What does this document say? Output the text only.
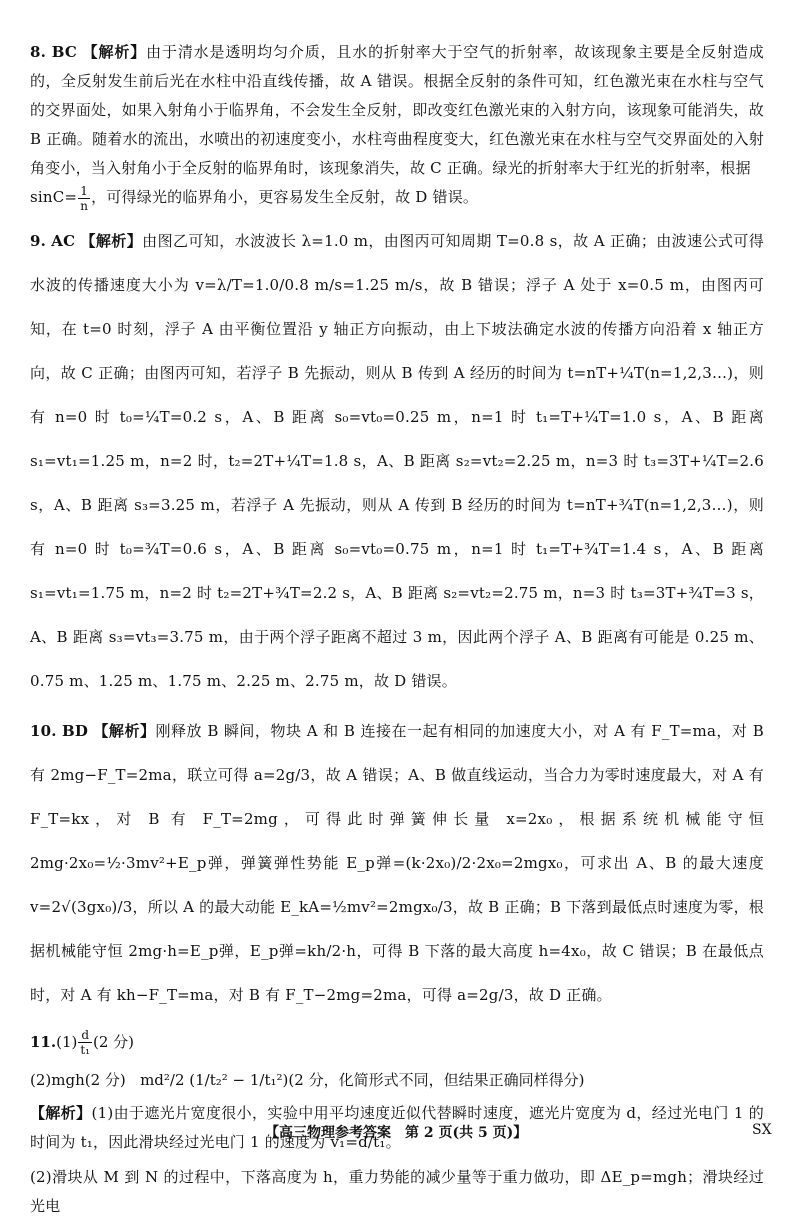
8. BC 【解析】由于清水是透明均匀介质，且水的折射率大于空气的折射率，故该现象主要是全反射造成的，全反射发生前后光在水柱中沿直线传播，故 A 错误。根据全反射的条件可知，红色激光束在水柱与空气的交界面处，如果入射角小于临界角，不会发生全反射，即改变红色激光束的入射方向，该现象可能消失，故 B 正确。随着水的流出，水喷出的初速度变小，水柱弯曲程度变大，红色激光束在水柱与空气交界面处的入射角变小，当入射角小于全反射的临界角时，该现象消失，故 C 正确。绿光的折射率大于红光的折射率，根据
$\sin C= \frac{1}{n}$ ，可得绿光的临界角小，更容易发生全反射，故 D 错误。

9. AC 【解析】由图乙可知，水波波长 λ=1.0 m，由图丙可知周期 T=0.8 s，故 A 正确；由波速公式可得水波的传播速度大小为 v=λ/T=1.0/0.8 m/s=1.25 m/s，故 B 错误；浮子 A 处于 x=0.5 m，由图丙可知，在 t=0 时刻，浮子 A 由平衡位置沿 y 轴正方向振动，由上下坡法确定水波的传播方向沿着 x 轴正方向，故 C 正确；由图丙可知，若浮子 B 先振动，则从 B 传到 A 经历的时间为 t=nT+¼T(n=1,2,3…)，则有 n=0 时 t₀=¼T=0.2 s，A、B 距离 s₀=vt₀=0.25 m，n=1 时 t₁=T+¼T=1.0 s，A、B 距离 s₁=vt₁=1.25 m，n=2 时，t₂=2T+¼T=1.8 s，A、B 距离 s₂=vt₂=2.25 m，n=3 时 t₃=3T+¼T=2.6 s，A、B 距离 s₃=3.25 m，若浮子 A 先振动，则从 A 传到 B 经历的时间为 t=nT+¾T(n=1,2,3…)，则有 n=0 时 t₀=¾T=0.6 s，A、B 距离 s₀=vt₀=0.75 m，n=1 时 t₁=T+¾T=1.4 s，A、B 距离 s₁=vt₁=1.75 m，n=2 时 t₂=2T+¾T=2.2 s，A、B 距离 s₂=vt₂=2.75 m，n=3 时 t₃=3T+¾T=3 s，A、B 距离 s₃=vt₃=3.75 m，由于两个浮子距离不超过 3 m，因此两个浮子 A、B 距离有可能是 0.25 m、0.75 m、1.25 m、1.75 m、2.25 m、2.75 m，故 D 错误。

10. BD 【解析】刚释放 B 瞬间，物块 A 和 B 连接在一起有相同的加速度大小，对 A 有 F_T=ma，对 B 有 2mg−F_T=2ma，联立可得 a=2g/3，故 A 错误；A、B 做直线运动，当合力为零时速度最大，对 A 有 F_T=kx，对 B 有 F_T=2mg，可得此时弹簧伸长量 x=2x₀，根据系统机械能守恒 2mg·2x₀=½·3mv²+E_p弹，弹簧弹性势能 E_p弹=(k·2x₀)/2·2x₀=2mgx₀，可求出 A、B 的最大速度 v=2√(3gx₀)/3，所以 A 的最大动能 E_kA=½mv²=2mgx₀/3，故 B 正确；B 下落到最低点时速度为零，根据机械能守恒 2mg·h=E_p弹，E_p弹=kh/2·h，可得 B 下落的最大高度 h=4x₀，故 C 错误；B 在最低点时，对 A 有 kh−F_T=ma，对 B 有 F_T−2mg=2ma，可得 a=2g/3，故 D 正确。

$11.(1) \frac{d}{\text{t₁}} (2$ 分)

(2)mgh(2 分) md²/2 (1/t₂² − 1/t₁²)(2 分，化简形式不同，但结果正确同样得分)

【解析】(1)由于遮光片宽度很小，实验中用平均速度近似代替瞬时速度，遮光片宽度为 d，经过光电门 1 的时间为 t₁，因此滑块经过光电门 1 的速度为 v₁=d/t₁。

(2)滑块从 M 到 N 的过程中，下落高度为 h，重力势能的减少量等于重力做功，即 ΔE_p=mgh；滑块经过光电

【高三物理参考答案　第 2 页(共 5 页)】	SX
